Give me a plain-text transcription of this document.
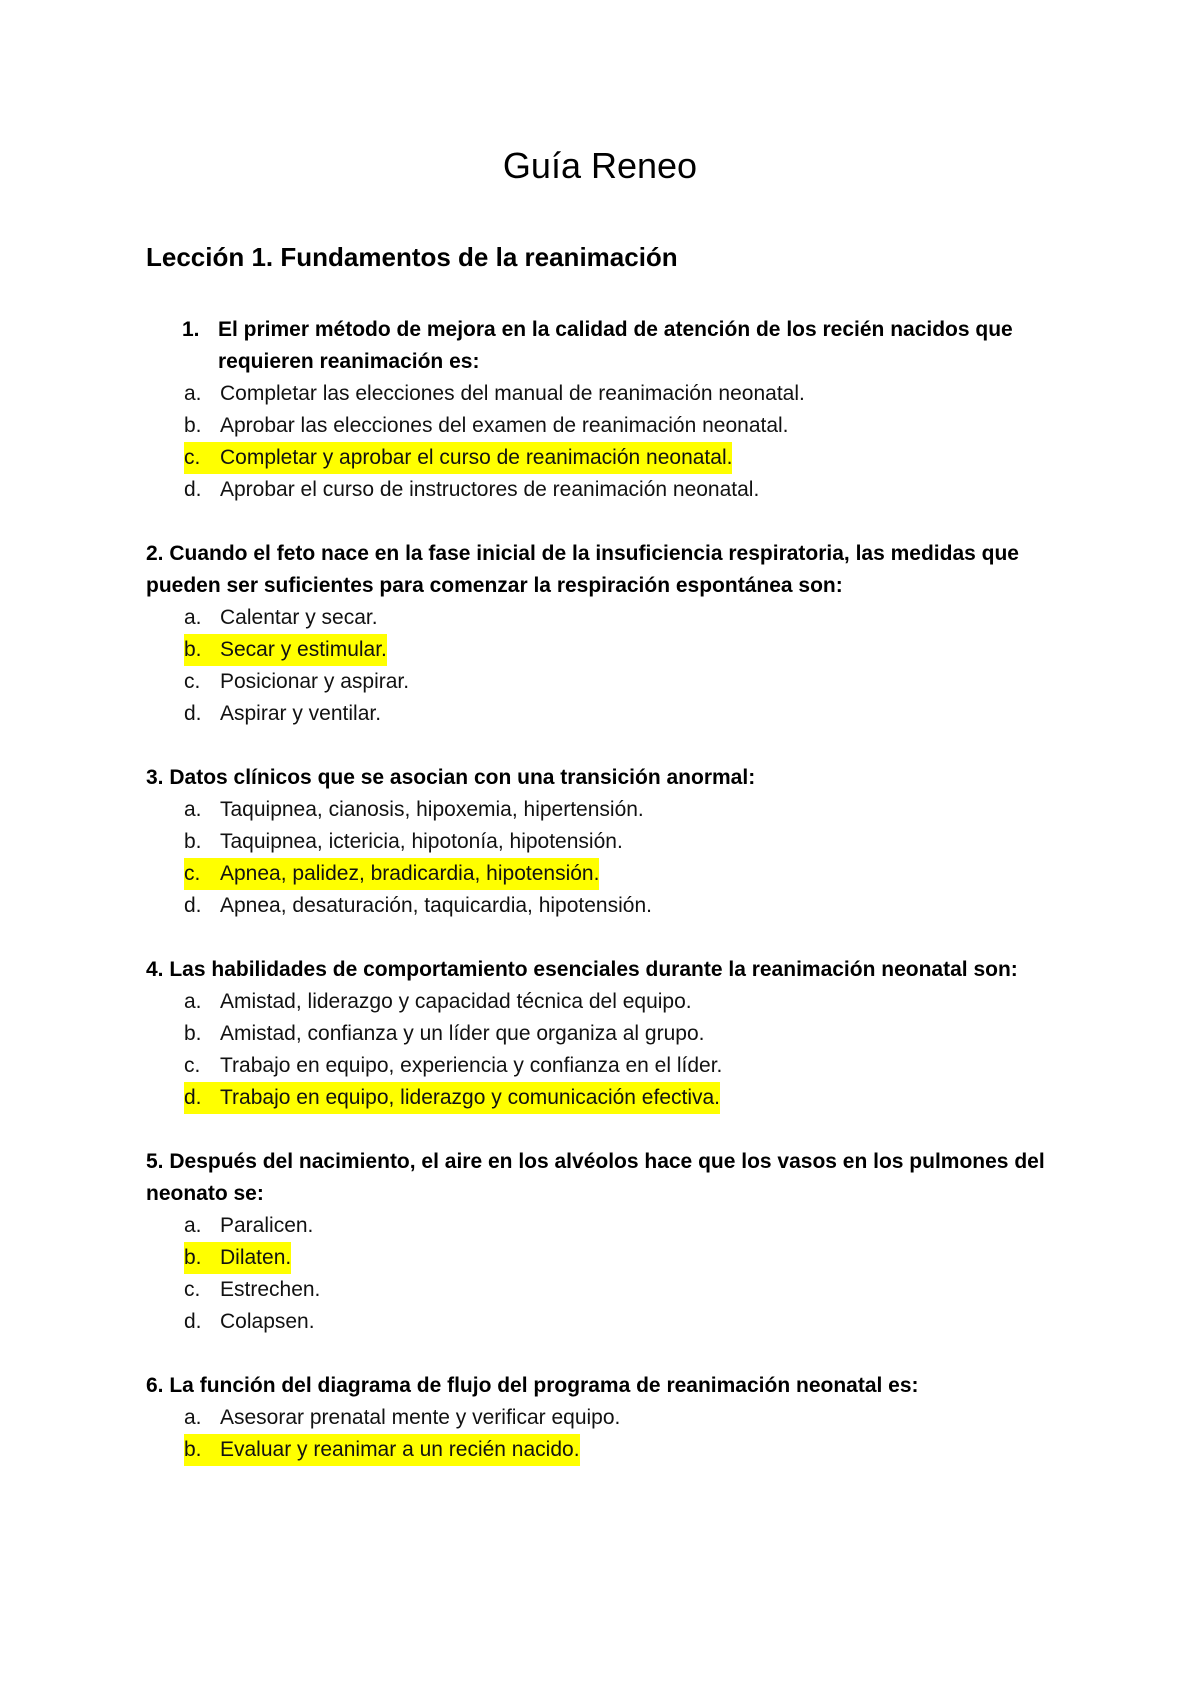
Guía Reneo
Lección 1. Fundamentos de la reanimación

1. El primer método de mejora en la calidad de atención de los recién nacidos que requieren reanimación es:

a. Completar las elecciones del manual de reanimación neonatal.
b. Aprobar las elecciones del examen de reanimación neonatal.
c. Completar y aprobar el curso de reanimación neonatal.
d. Aprobar el curso de instructores de reanimación neonatal.

2. Cuando el feto nace en la fase inicial de la insuficiencia respiratoria, las medidas que pueden ser suficientes para comenzar la respiración espontánea son:

a. Calentar y secar.
b. Secar y estimular.
c. Posicionar y aspirar.
d. Aspirar y ventilar.

3. Datos clínicos que se asocian con una transición anormal:

a. Taquipnea, cianosis, hipoxemia, hipertensión.
b. Taquipnea, ictericia, hipotonía, hipotensión.
c. Apnea, palidez, bradicardia, hipotensión.
d. Apnea, desaturación, taquicardia, hipotensión.

4. Las habilidades de comportamiento esenciales durante la reanimación neonatal son:

a. Amistad, liderazgo y capacidad técnica del equipo.
b. Amistad, confianza y un líder que organiza al grupo.
c. Trabajo en equipo, experiencia y confianza en el líder.
d. Trabajo en equipo, liderazgo y comunicación efectiva.

5. Después del nacimiento, el aire en los alvéolos hace que los vasos en los pulmones del neonato se:

a. Paralicen.
b. Dilaten.
c. Estrechen.
d. Colapsen.

6. La función del diagrama de flujo del programa de reanimación neonatal es:

a. Asesorar prenatal mente y verificar equipo.
b. Evaluar y reanimar a un recién nacido.
